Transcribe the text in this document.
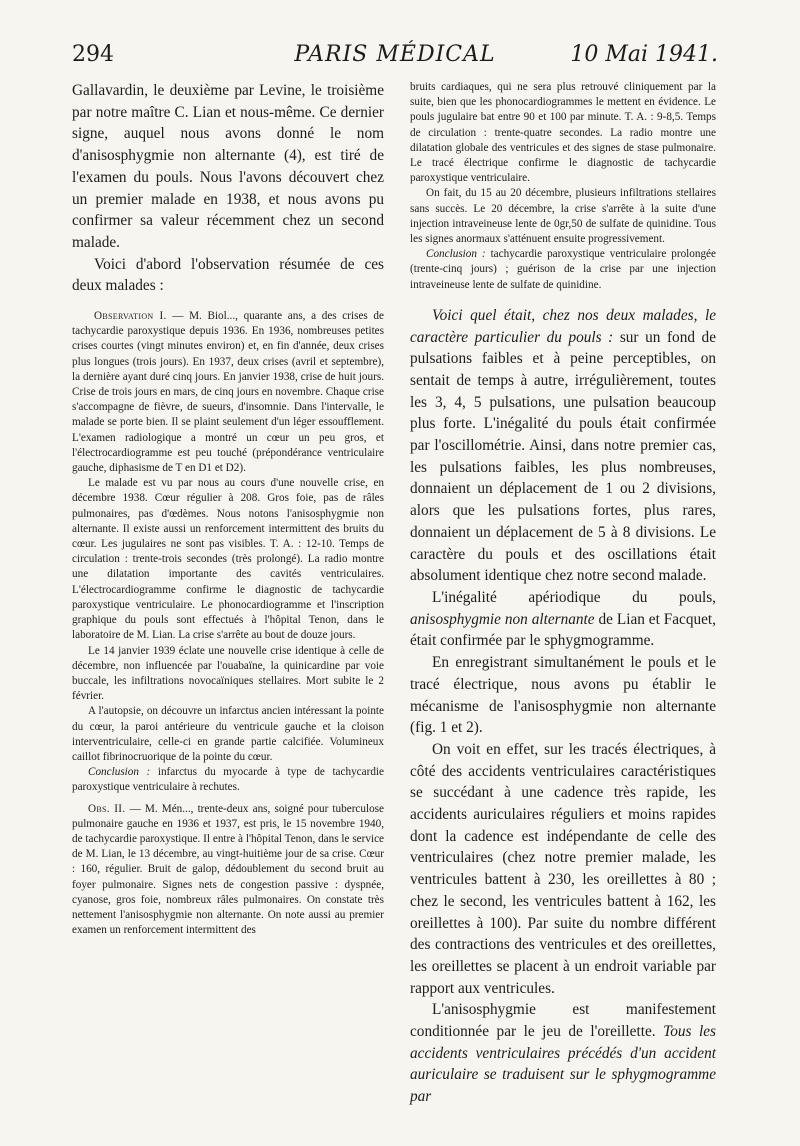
294	PARIS MÉDICAL	10 Mai 1941.

Gallavardin, le deuxième par Levine, le troisième par notre maître C. Lian et nous-même. Ce dernier signe, auquel nous avons donné le nom d'anisosphygmie non alternante (4), est tiré de l'examen du pouls. Nous l'avons découvert chez un premier malade en 1938, et nous avons pu confirmer sa valeur récemment chez un second malade.

Voici d'abord l'observation résumée de ces deux malades :

Observation I. — M. Biol..., quarante ans, a des crises de tachycardie paroxystique depuis 1936. En 1936, nombreuses petites crises courtes (vingt minutes environ) et, en fin d'année, deux crises plus longues (trois jours). En 1937, deux crises (avril et septembre), la dernière ayant duré cinq jours. En janvier 1938, crise de huit jours. Crise de trois jours en mars, de cinq jours en novembre. Chaque crise s'accompagne de fièvre, de sueurs, d'insomnie. Dans l'intervalle, le malade se porte bien. Il se plaint seulement d'un léger essoufflement. L'examen radiologique a montré un cœur un peu gros, et l'électrocardiogramme est peu touché (prépondérance ventriculaire gauche, diphasisme de T en D1 et D2).

Le malade est vu par nous au cours d'une nouvelle crise, en décembre 1938. Cœur régulier à 208. Gros foie, pas de râles pulmonaires, pas d'œdèmes. Nous notons l'anisosphygmie non alternante. Il existe aussi un renforcement intermittent des bruits du cœur. Les jugulaires ne sont pas visibles. T. A. : 12-10. Temps de circulation : trente-trois secondes (très prolongé). La radio montre une dilatation importante des cavités ventriculaires. L'électrocardiogramme confirme le diagnostic de tachycardie paroxystique ventriculaire. Le phonocardiogramme et l'inscription graphique du pouls sont effectués à l'hôpital Tenon, dans le laboratoire de M. Lian. La crise s'arrête au bout de douze jours.

Le 14 janvier 1939 éclate une nouvelle crise identique à celle de décembre, non influencée par l'ouabaïne, la quinicardine par voie buccale, les infiltrations novocaïniques stellaires. Mort subite le 2 février.

A l'autopsie, on découvre un infarctus ancien intéressant la pointe du cœur, la paroi antérieure du ventricule gauche et la cloison interventriculaire, celle-ci en grande partie calcifiée. Volumineux caillot fibrinocruorique de la pointe du cœur.

Conclusion : infarctus du myocarde à type de tachycardie paroxystique ventriculaire à rechutes.

Obs. II. — M. Mén..., trente-deux ans, soigné pour tuberculose pulmonaire gauche en 1936 et 1937, est pris, le 15 novembre 1940, de tachycardie paroxystique. Il entre à l'hôpital Tenon, dans le service de M. Lian, le 13 décembre, au vingt-huitième jour de sa crise. Cœur : 160, régulier. Bruit de galop, dédoublement du second bruit au foyer pulmonaire. Signes nets de congestion passive : dyspnée, cyanose, gros foie, nombreux râles pulmonaires. On constate très nettement l'anisosphygmie non alternante. On note aussi au premier examen un renforcement intermittent des

bruits cardiaques, qui ne sera plus retrouvé cliniquement par la suite, bien que les phonocardiogrammes le mettent en évidence. Le pouls jugulaire bat entre 90 et 100 par minute. T. A. : 9-8,5. Temps de circulation : trente-quatre secondes. La radio montre une dilatation globale des ventricules et des signes de stase pulmonaire. Le tracé électrique confirme le diagnostic de tachycardie paroxystique ventriculaire.

On fait, du 15 au 20 décembre, plusieurs infiltrations stellaires sans succès. Le 20 décembre, la crise s'arrête à la suite d'une injection intraveineuse lente de 0gr,50 de sulfate de quinidine. Tous les signes anormaux s'atténuent ensuite progressivement.

Conclusion : tachycardie paroxystique ventriculaire prolongée (trente-cinq jours) ; guérison de la crise par une injection intraveineuse lente de sulfate de quinidine.

Voici quel était, chez nos deux malades, le caractère particulier du pouls : sur un fond de pulsations faibles et à peine perceptibles, on sentait de temps à autre, irrégulièrement, toutes les 3, 4, 5 pulsations, une pulsation beaucoup plus forte. L'inégalité du pouls était confirmée par l'oscillométrie. Ainsi, dans notre premier cas, les pulsations faibles, les plus nombreuses, donnaient un déplacement de 1 ou 2 divisions, alors que les pulsations fortes, plus rares, donnaient un déplacement de 5 à 8 divisions. Le caractère du pouls et des oscillations était absolument identique chez notre second malade.

L'inégalité apériodique du pouls, anisosphygmie non alternante de Lian et Facquet, était confirmée par le sphygmogramme.

En enregistrant simultanément le pouls et le tracé électrique, nous avons pu établir le mécanisme de l'anisosphygmie non alternante (fig. 1 et 2).

On voit en effet, sur les tracés électriques, à côté des accidents ventriculaires caractéristiques se succédant à une cadence très rapide, les accidents auriculaires réguliers et moins rapides dont la cadence est indépendante de celle des ventriculaires (chez notre premier malade, les ventricules battent à 230, les oreillettes à 80 ; chez le second, les ventricules battent à 162, les oreillettes à 100). Par suite du nombre différent des contractions des ventricules et des oreillettes, les oreillettes se placent à un endroit variable par rapport aux ventricules.

L'anisosphygmie est manifestement conditionnée par le jeu de l'oreillette. Tous les accidents ventriculaires précédés d'un accident auriculaire se traduisent sur le sphygmogramme par
